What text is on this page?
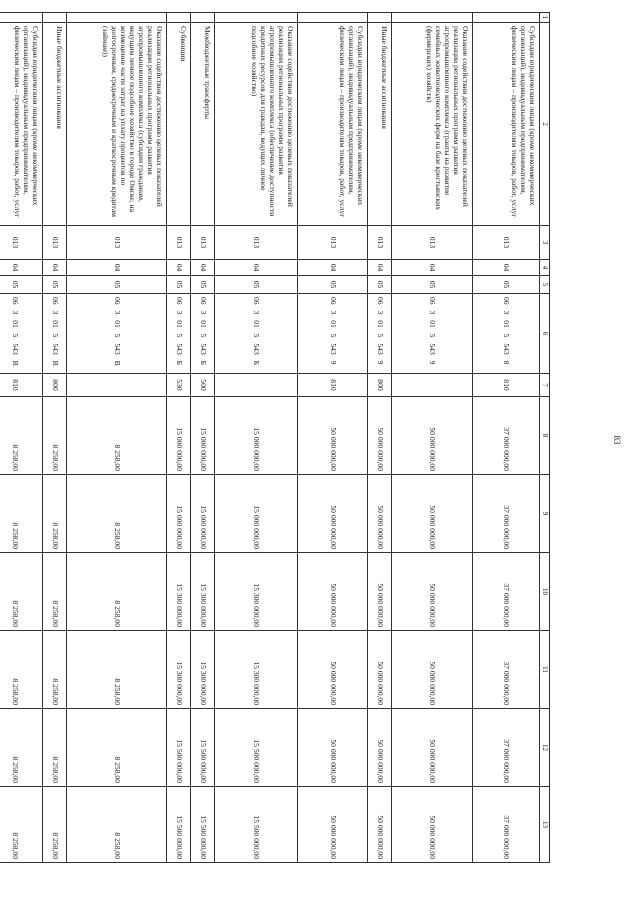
83
1	2	3	4	5	6	7	8	9	10	11	12	13
	Субсидии юридическим лицам (кроме некоммерческих организаций), индивидуальным предпринимателям, физическим лицам – производителям товаров, работ, услуг	013	04	05	06 3 01 5 543 8	810	37 000 000,00	37 000 000,00	37 000 000,00	37 000 000,00	37 000 000,00	37 000 000,00
	Оказание содействия достижению целевых показателей реализации региональных программ развития агропромышленного комплекса (гранты на развитие семейных животноводческих ферм на базе крестьянских (фермерских) хозяйств)	013	04	05	06 3 01 5 543 9		50 000 000,00	50 000 000,00	50 000 000,00	50 000 000,00	50 000 000,00	50 000 000,00
	Иные бюджетные ассигнования	013	04	05	06 3 01 5 543 9	800	50 000 000,00	50 000 000,00	50 000 000,00	50 000 000,00	50 000 000,00	50 000 000,00
	Субсидии юридическим лицам (кроме некоммерческих организаций), индивидуальным предпринимателям, физическим лицам – производителям товаров, работ, услуг	013	04	05	06 3 01 5 543 9	810	50 000 000,00	50 000 000,00	50 000 000,00	50 000 000,00	50 000 000,00	50 000 000,00
	Оказание содействия достижению целевых показателей реализации региональных программ развития агропромышленного комплекса (обеспечение доступности кредитных ресурсов для граждан, ведущих личное подсобное хозяйство)	013	04	05	06 3 01 5 543 Б		15 000 000,00	15 000 000,00	15 300 000,00	15 300 000,00	15 500 000,00	15 500 000,00
	Межбюджетные трансферты	013	04	05	06 3 01 5 543 Б	500	15 000 000,00	15 000 000,00	15 300 000,00	15 300 000,00	15 500 000,00	15 500 000,00
	Субвенции	013	04	05	06 3 01 5 543 Б	530	15 000 000,00	15 000 000,00	15 300 000,00	15 300 000,00	15 500 000,00	15 500 000,00
	Оказание содействия достижению целевых показателей реализации региональных программ развития агропромышленного комплекса (субсидии гражданам, ведущим личное подсобное хозяйство в городе Омске, на возмещение части затрат на уплату процентов по долгосрочным, среднесрочным и краткосрочным кредитам (займам))	013	04	05	06 3 01 5 543 В		8 258,00	8 258,00	8 258,00	8 258,00	8 258,00	8 258,00
	Иные бюджетные ассигнования	013	04	05	06 3 01 5 543 В	800	8 258,00	8 258,00	8 258,00	8 258,00	8 258,00	8 258,00
	Субсидии юридическим лицам (кроме некоммерческих организаций), индивидуальным предпринимателям, физическим лицам – производителям товаров, работ, услуг	013	04	05	06 3 01 5 543 В	810	8 258,00	8 258,00	8 258,00	8 258,00	8 258,00	8 258,00
